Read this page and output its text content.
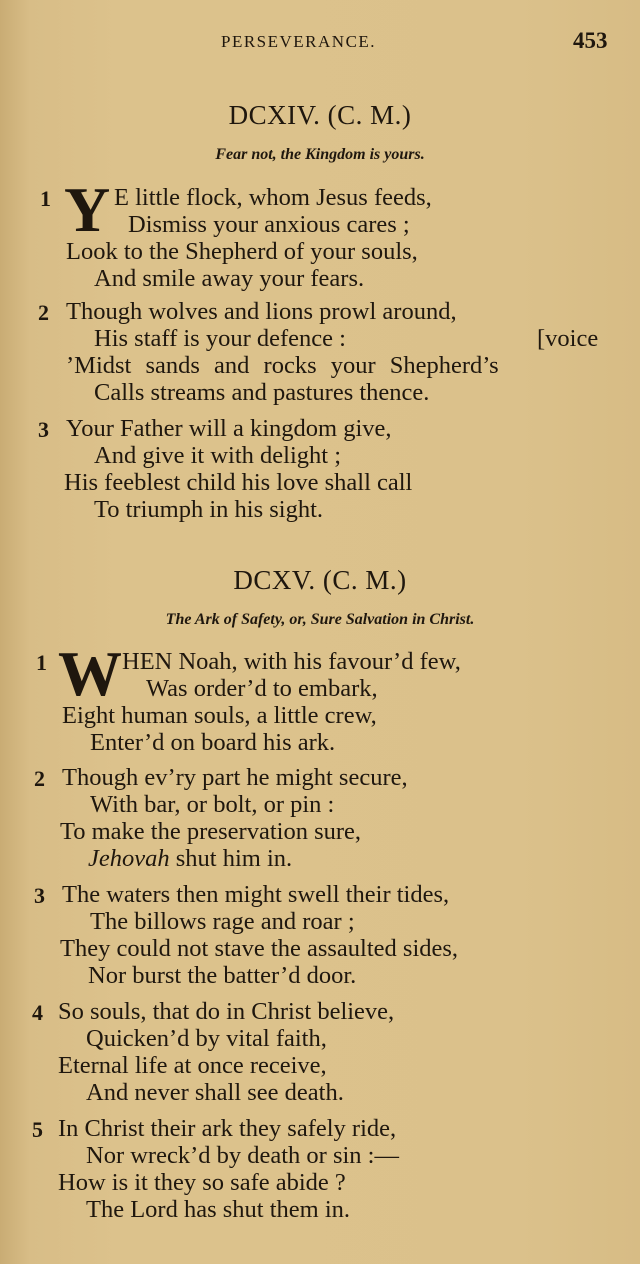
PERSEVERANCE.	453
DCXIV. (C. M.)
Fear not, the Kingdom is yours.
1 Y E little flock, whom Jesus feeds,
Dismiss your anxious cares ;
Look to the Shepherd of your souls,
And smile away your fears.
2 Though wolves and lions prowl around,
His staff is your defence :	[voice
’Midst sands and rocks your Shepherd’s
Calls streams and pastures thence.
3 Your Father will a kingdom give,
And give it with delight ;
His feeblest child his love shall call
To triumph in his sight.
DCXV. (C. M.)
The Ark of Safety, or, Sure Salvation in Christ.
1 W HEN Noah, with his favour’d few,
Was order’d to embark,
Eight human souls, a little crew,
Enter’d on board his ark.
2 Though ev’ry part he might secure,
With bar, or bolt, or pin :
To make the preservation sure,
Jehovah shut him in.
3 The waters then might swell their tides,
The billows rage and roar ;
They could not stave the assaulted sides,
Nor burst the batter’d door.
4 So souls, that do in Christ believe,
Quicken’d by vital faith,
Eternal life at once receive,
And never shall see death.
5 In Christ their ark they safely ride,
Nor wreck’d by death or sin :—
How is it they so safe abide ?
The Lord has shut them in.
